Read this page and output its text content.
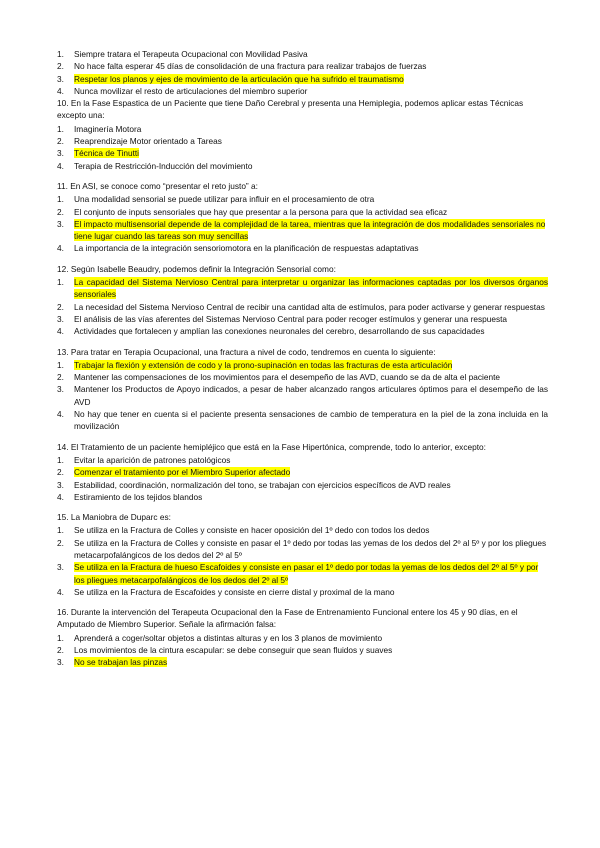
1. Siempre tratara el Terapeuta Ocupacional con Movilidad Pasiva
2. No hace falta esperar 45 días de consolidación de una fractura para realizar trabajos de fuerzas
3. Respetar los planos y ejes de movimiento de la articulación que ha sufrido el traumatismo
4. Nunca movilizar el resto de articulaciones del miembro superior
10. En la Fase Espastica de un Paciente que tiene Daño Cerebral y presenta una Hemiplegia, podemos aplicar estas Técnicas excepto una:
1. Imaginería Motora
2. Reaprendizaje Motor orientado a Tareas
3. Técnica de Tinutti
4. Terapia de Restricción-Inducción del movimiento
11. En ASI, se conoce como “presentar el reto justo” a:
1. Una modalidad sensorial se puede utilizar para influir en el procesamiento de otra
2. El conjunto de inputs sensoriales que hay que presentar a la persona para que la actividad sea eficaz
3. El impacto multisensorial depende de la complejidad de la tarea, mientras que la integración de dos modalidades sensoriales no tiene lugar cuando las tareas son muy sencillas
4. La importancia de la integración sensoriomotora en la planificación de respuestas adaptativas
12. Según Isabelle Beaudry, podemos definir la Integración Sensorial como:
1. La capacidad del Sistema Nervioso Central para interpretar u organizar las informaciones captadas por los diversos órganos sensoriales
2. La necesidad del Sistema Nervioso Central de recibir una cantidad alta de estímulos, para poder activarse y generar respuestas
3. El análisis de las vías aferentes del Sistemas Nervioso Central para poder recoger estímulos y generar una respuesta
4. Actividades que fortalecen y amplían las conexiones neuronales del cerebro, desarrollando de sus capacidades
13. Para tratar en Terapia Ocupacional, una fractura a nivel de codo, tendremos en cuenta lo siguiente:
1. Trabajar la flexión y extensión de codo y la prono-supinación en todas las fracturas de esta articulación
2. Mantener las compensaciones de los movimientos para el desempeño de las AVD, cuando se da de alta el paciente
3. Mantener los Productos de Apoyo indicados, a pesar de haber alcanzado rangos articulares óptimos para el desempeño de las AVD
4. No hay que tener en cuenta si el paciente presenta sensaciones de cambio de temperatura en la piel de la zona incluida en la movilización
14. El Tratamiento de un paciente hemipléjico que está en la Fase Hipertónica, comprende, todo lo anterior, excepto:
1. Evitar la aparición de patrones patológicos
2. Comenzar el tratamiento por el Miembro Superior afectado
3. Estabilidad, coordinación, normalización del tono, se trabajan con ejercicios específicos de AVD reales
4. Estiramiento de los tejidos blandos
15. La Maniobra de Duparc es:
1. Se utiliza en la Fractura de Colles y consiste en hacer oposición del 1º dedo con todos los dedos
2. Se utiliza en la Fractura de Colles y consiste en pasar el 1º dedo por todas las yemas de los dedos del 2º al 5º y por los pliegues metacarpofalángicos de los dedos del 2º al 5º
3. Se utiliza en la Fractura de hueso Escafoides y consiste en pasar el 1º dedo por todas la yemas de los dedos del 2º al 5º y por los pliegues metacarpofalángicos de los dedos del 2º al 5º
4. Se utiliza en la Fractura de Escafoides y consiste en cierre distal y proximal de la mano
16. Durante la intervención del Terapeuta Ocupacional den la Fase de Entrenamiento Funcional entere los 45 y 90 días, en el Amputado de Miembro Superior. Señale la afirmación falsa:
1. Aprenderá a coger/soltar objetos a distintas alturas y en los 3 planos de movimiento
2. Los movimientos de la cintura escapular: se debe conseguir que sean fluidos y suaves
3. No se trabajan las pinzas
